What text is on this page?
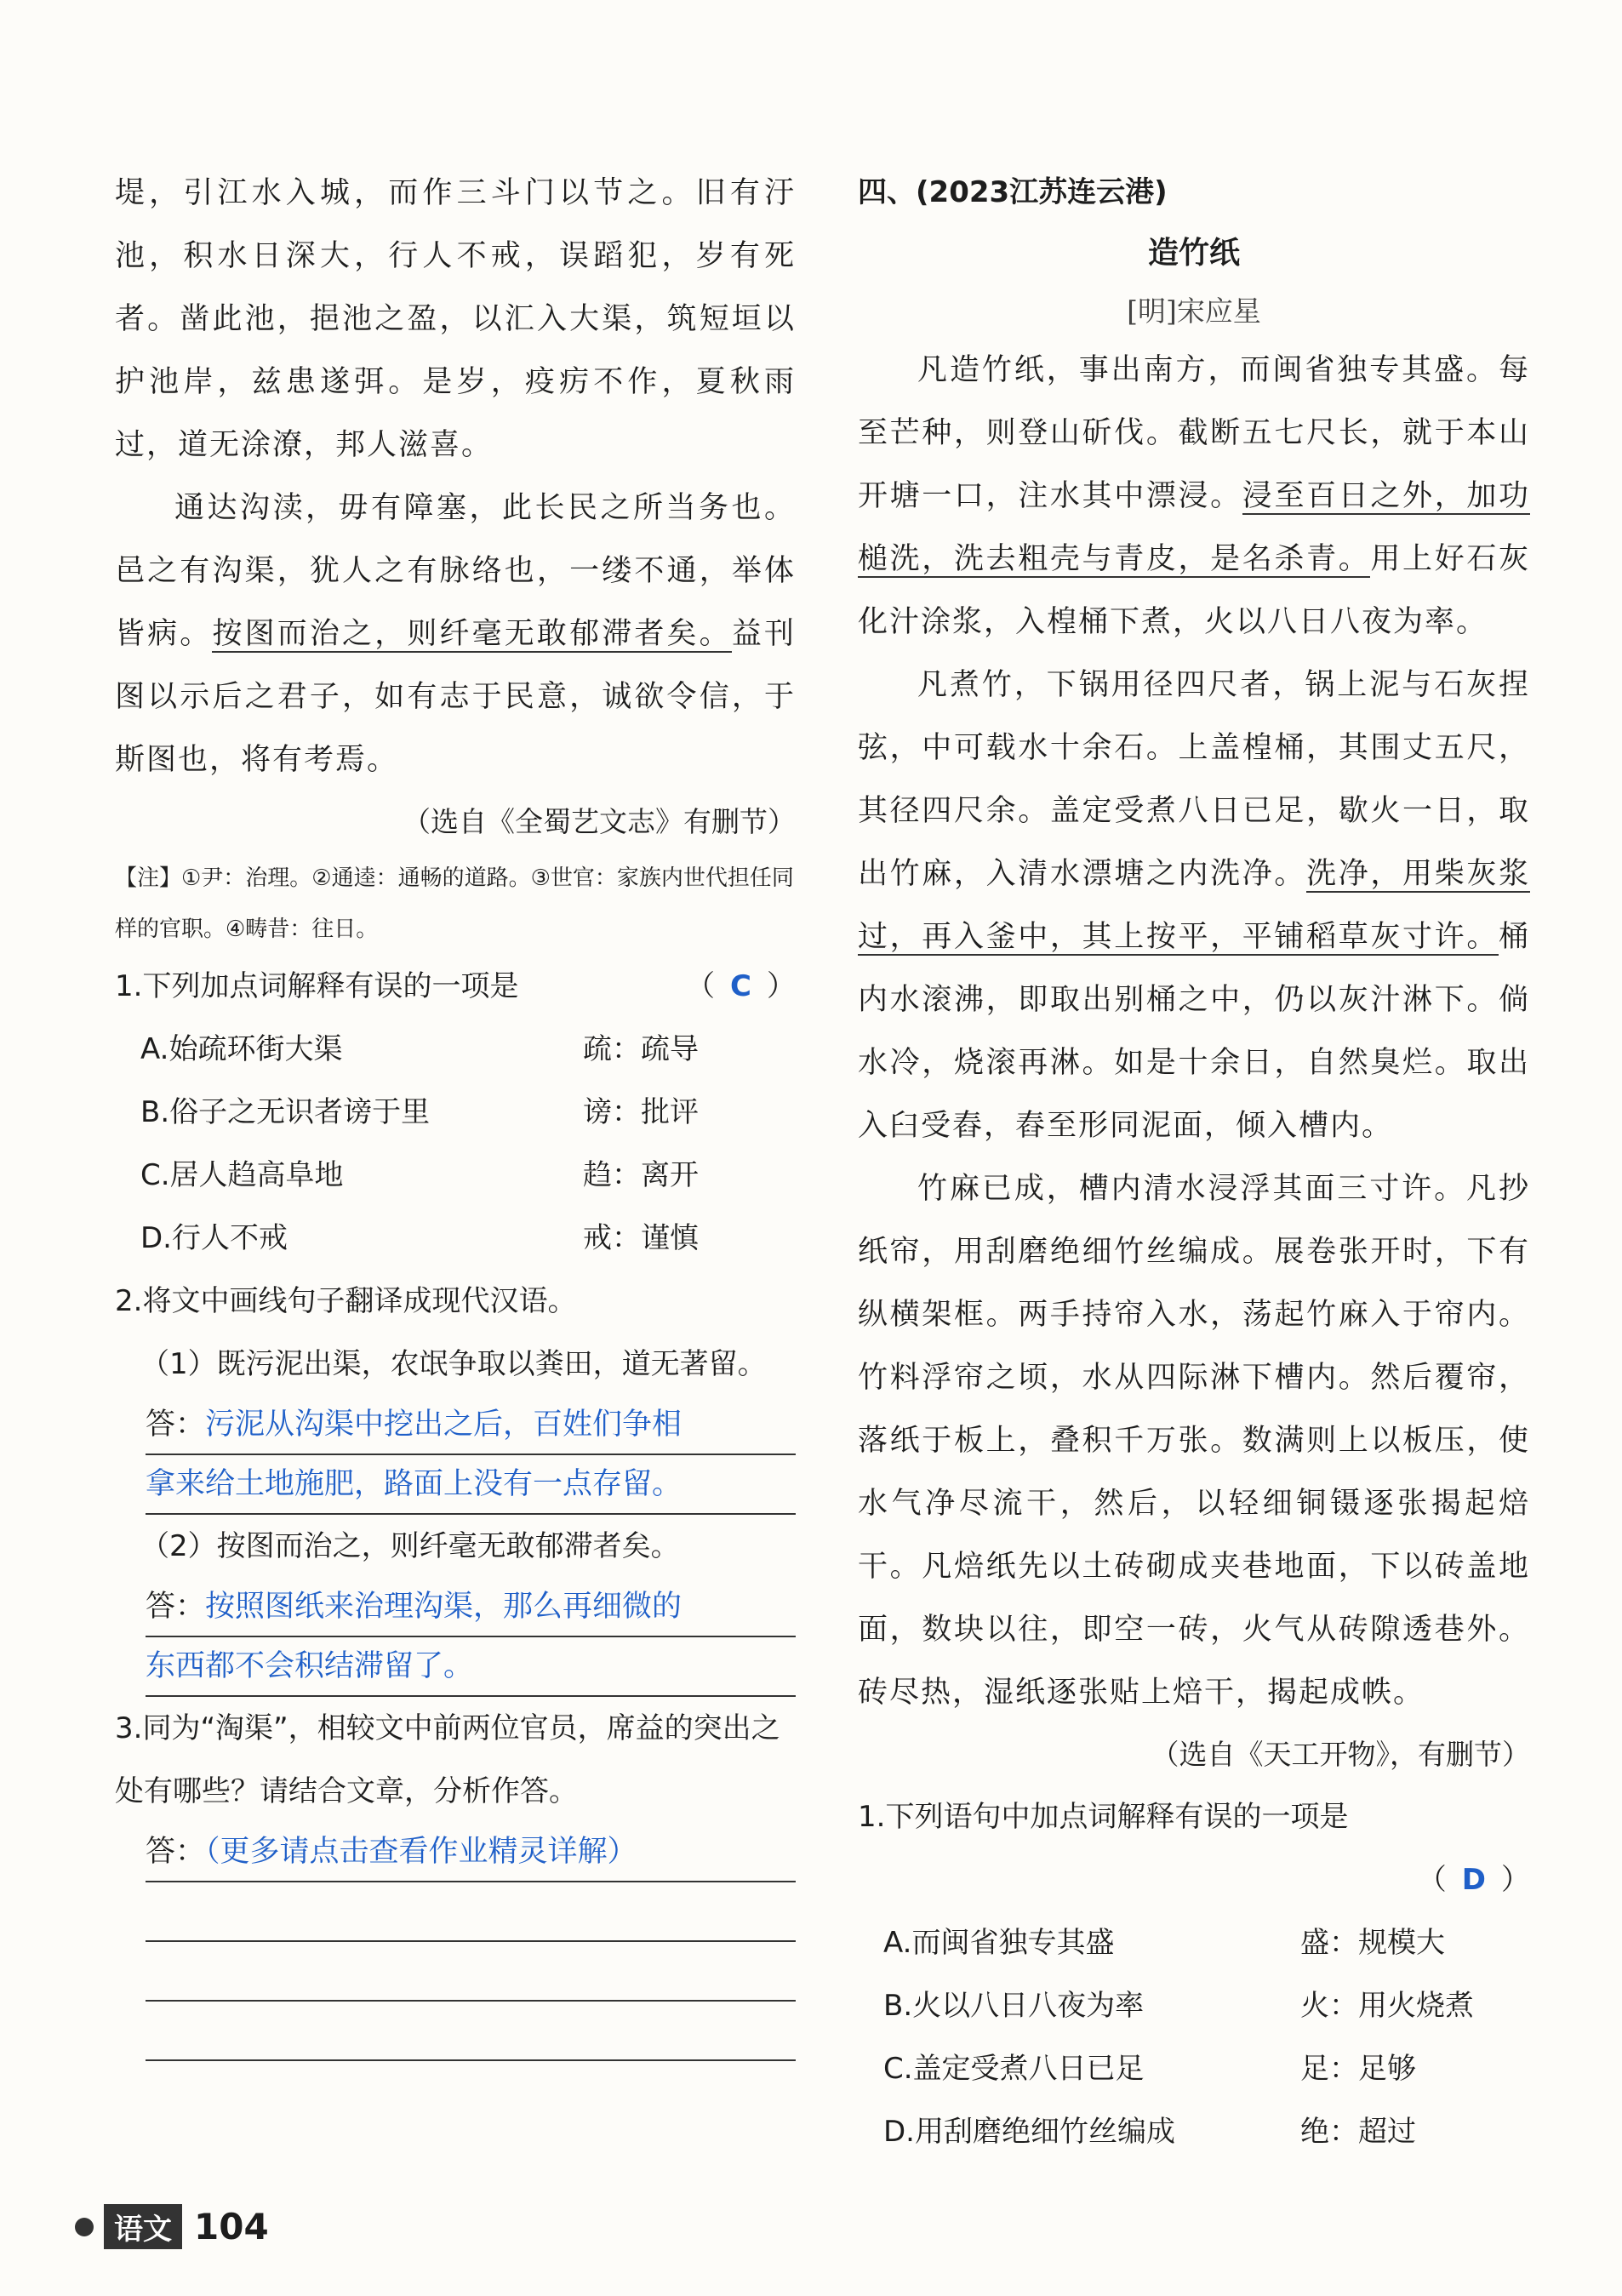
堤，引江水入城，而作三斗门以节之。旧有汙池，积水日深大，行人不戒，误蹈犯，岁有死者。凿此池，挹池之盈，以汇入大渠，筑短垣以护池岸，兹患遂弭。是岁，疫疠不作，夏秋雨过，道无涂潦，邦人滋喜。

通达沟渎，毋有障塞，此长民之所当务也。邑之有沟渠，犹人之有脉络也，一缕不通，举体皆病。按图而治之，则纤毫无敢郁滞者矣。益刊图以示后之君子，如有志于民意，诚欲令信，于斯图也，将有考焉。

（选自《全蜀艺文志》有删节）

【注】①尹：治理。②通逵：通畅的道路。③世官：家族内世代担任同样的官职。④畴昔：往日。

1.下列加点词解释有误的一项是	（ C ）
A.始疏环街大渠	疏：疏导
B.俗子之无识者谤于里	谤：批评
C.居人趋高阜地	趋：离开
D.行人不戒	戒：谨慎

2.将文中画线句子翻译成现代汉语。

（1）既污泥出渠，农氓争取以粪田，道无著留。

答：污泥从沟渠中挖出之后，百姓们争相

拿来给土地施肥，路面上没有一点存留。

（2）按图而治之，则纤毫无敢郁滞者矣。

答：按照图纸来治理沟渠，那么再细微的

东西都不会积结滞留了。

3.同为“淘渠”，相较文中前两位官员，席益的突出之处有哪些？请结合文章，分析作答。

答：（更多请点击查看作业精灵详解）

四、(2023江苏连云港)

造竹纸

[明]宋应星

凡造竹纸，事出南方，而闽省独专其盛。每至芒种，则登山斫伐。截断五七尺长，就于本山开塘一口，注水其中漂浸。浸至百日之外，加功槌洗，洗去粗壳与青皮，是名杀青。用上好石灰化汁涂浆，入楻桶下煮，火以八日八夜为率。

凡煮竹，下锅用径四尺者，锅上泥与石灰捏弦，中可载水十余石。上盖楻桶，其围丈五尺，其径四尺余。盖定受煮八日已足，歇火一日，取出竹麻，入清水漂塘之内洗净。洗净，用柴灰浆过，再入釜中，其上按平，平铺稻草灰寸许。桶内水滚沸，即取出别桶之中，仍以灰汁淋下。倘水冷，烧滚再淋。如是十余日，自然臭烂。取出入臼受舂，舂至形同泥面，倾入槽内。

竹麻已成，槽内清水浸浮其面三寸许。凡抄纸帘，用刮磨绝细竹丝编成。展卷张开时，下有纵横架框。两手持帘入水，荡起竹麻入于帘内。竹料浮帘之顷，水从四际淋下槽内。然后覆帘，落纸于板上，叠积千万张。数满则上以板压，使水气净尽流干，然后，以轻细铜镊逐张揭起焙干。凡焙纸先以土砖砌成夹巷地面，下以砖盖地面，数块以往，即空一砖，火气从砖隙透巷外。砖尽热，湿纸逐张贴上焙干，揭起成帙。

（选自《天工开物》，有删节）

1.下列语句中加点词解释有误的一项是

（ D ）
A.而闽省独专其盛	盛：规模大
B.火以八日八夜为率	火：用火烧煮
C.盖定受煮八日已足	足：足够
D.用刮磨绝细竹丝编成	绝：超过
语文 104
